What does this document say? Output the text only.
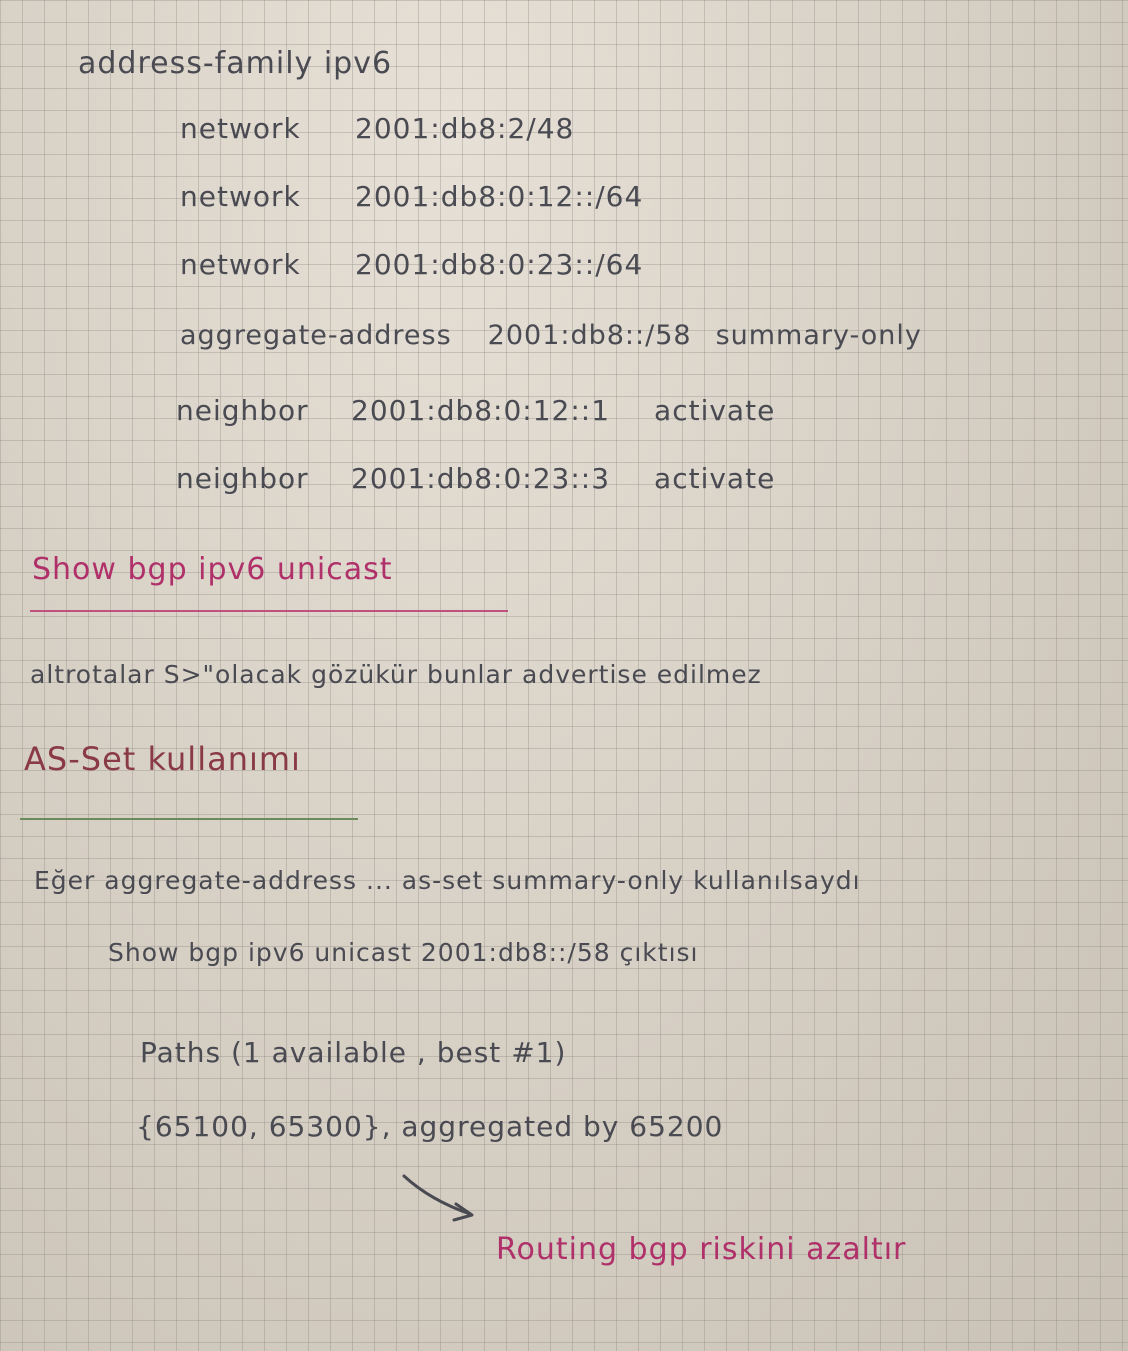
address-family ipv6
network 2001:db8:2/48
network 2001:db8:0:12::/64
network 2001:db8:0:23::/64
aggregate-address 2001:db8::/58 summary-only
neighbor 2001:db8:0:12::1 activate
neighbor 2001:db8:0:23::3 activate
Show bgp ipv6 unicast
altrotalar S>"olacak gözükür bunlar advertise edilmez
AS-Set kullanımı
Eğer aggregate-address ... as-set summary-only kullanılsaydı
Show bgp ipv6 unicast 2001:db8::/58 çıktısı
Paths (1 available , best #1)
{65100, 65300}, aggregated by 65200
Routing bgp riskini azaltır
